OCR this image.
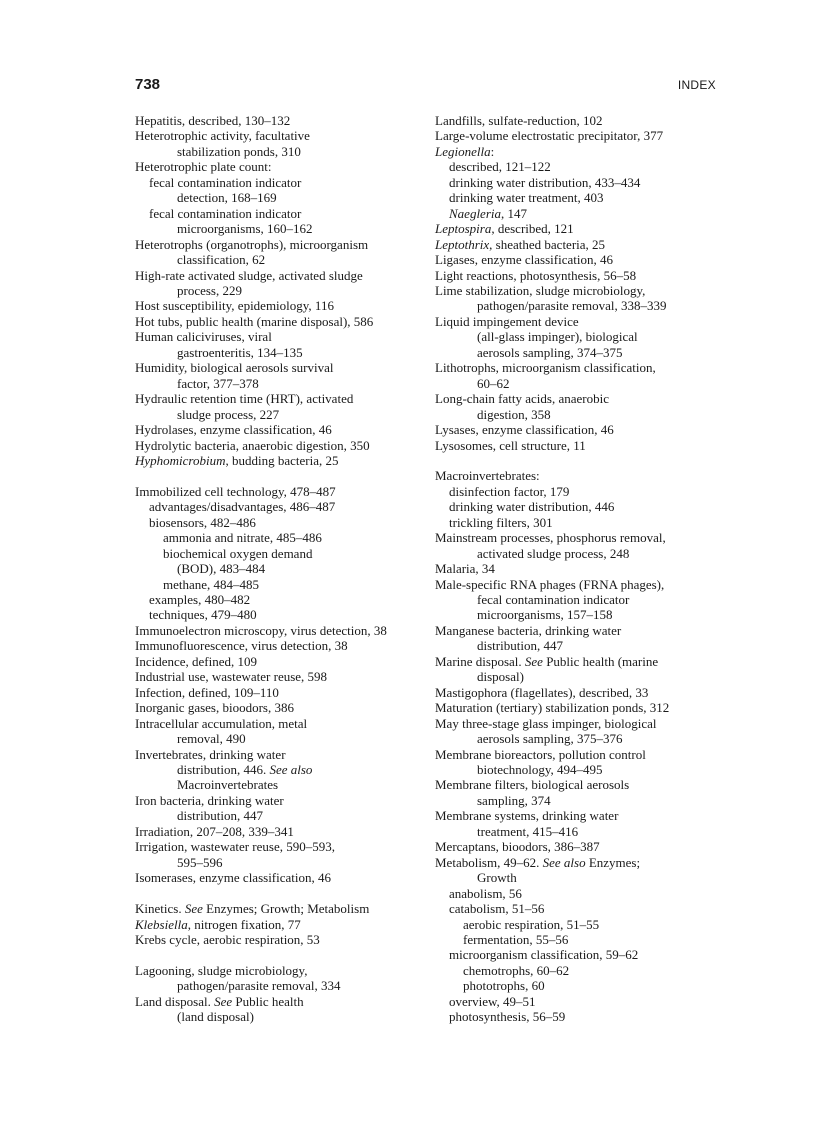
738	INDEX
Hepatitis, described, 130–132
Heterotrophic activity, facultative
stabilization ponds, 310
Heterotrophic plate count:
fecal contamination indicator
detection, 168–169
fecal contamination indicator
microorganisms, 160–162
Heterotrophs (organotrophs), microorganism
classification, 62
High-rate activated sludge, activated sludge
process, 229
Host susceptibility, epidemiology, 116
Hot tubs, public health (marine disposal), 586
Human caliciviruses, viral
gastroenteritis, 134–135
Humidity, biological aerosols survival
factor, 377–378
Hydraulic retention time (HRT), activated
sludge process, 227
Hydrolases, enzyme classification, 46
Hydrolytic bacteria, anaerobic digestion, 350
Hyphomicrobium, budding bacteria, 25
Immobilized cell technology, 478–487
advantages/disadvantages, 486–487
biosensors, 482–486
ammonia and nitrate, 485–486
biochemical oxygen demand
(BOD), 483–484
methane, 484–485
examples, 480–482
techniques, 479–480
Immunoelectron microscopy, virus detection, 38
Immunofluorescence, virus detection, 38
Incidence, defined, 109
Industrial use, wastewater reuse, 598
Infection, defined, 109–110
Inorganic gases, bioodors, 386
Intracellular accumulation, metal
removal, 490
Invertebrates, drinking water
distribution, 446. See also
Macroinvertebrates
Iron bacteria, drinking water
distribution, 447
Irradiation, 207–208, 339–341
Irrigation, wastewater reuse, 590–593,
595–596
Isomerases, enzyme classification, 46
Kinetics. See Enzymes; Growth; Metabolism
Klebsiella, nitrogen fixation, 77
Krebs cycle, aerobic respiration, 53
Lagooning, sludge microbiology,
pathogen/parasite removal, 334
Land disposal. See Public health
(land disposal)
Landfills, sulfate-reduction, 102
Large-volume electrostatic precipitator, 377
Legionella:
described, 121–122
drinking water distribution, 433–434
drinking water treatment, 403
Naegleria, 147
Leptospira, described, 121
Leptothrix, sheathed bacteria, 25
Ligases, enzyme classification, 46
Light reactions, photosynthesis, 56–58
Lime stabilization, sludge microbiology,
pathogen/parasite removal, 338–339
Liquid impingement device
(all-glass impinger), biological
aerosols sampling, 374–375
Lithotrophs, microorganism classification,
60–62
Long-chain fatty acids, anaerobic
digestion, 358
Lysases, enzyme classification, 46
Lysosomes, cell structure, 11
Macroinvertebrates:
disinfection factor, 179
drinking water distribution, 446
trickling filters, 301
Mainstream processes, phosphorus removal,
activated sludge process, 248
Malaria, 34
Male-specific RNA phages (FRNA phages),
fecal contamination indicator
microorganisms, 157–158
Manganese bacteria, drinking water
distribution, 447
Marine disposal. See Public health (marine
disposal)
Mastigophora (flagellates), described, 33
Maturation (tertiary) stabilization ponds, 312
May three-stage glass impinger, biological
aerosols sampling, 375–376
Membrane bioreactors, pollution control
biotechnology, 494–495
Membrane filters, biological aerosols
sampling, 374
Membrane systems, drinking water
treatment, 415–416
Mercaptans, bioodors, 386–387
Metabolism, 49–62. See also Enzymes;
Growth
anabolism, 56
catabolism, 51–56
aerobic respiration, 51–55
fermentation, 55–56
microorganism classification, 59–62
chemotrophs, 60–62
phototrophs, 60
overview, 49–51
photosynthesis, 56–59
